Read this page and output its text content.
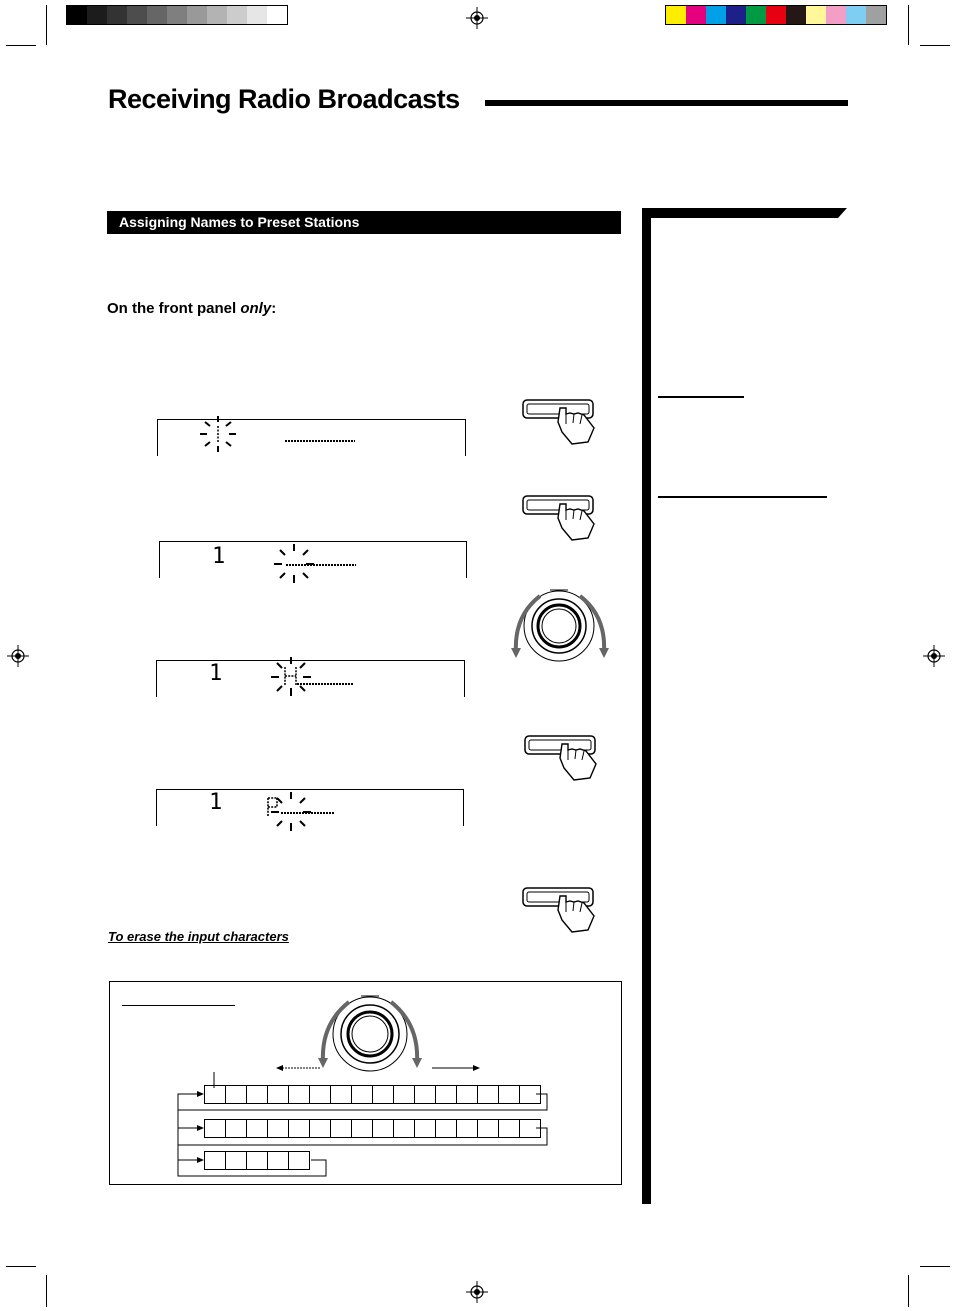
Receiving Radio Broadcasts
Assigning Names to Preset Stations
On the front panel only:
1
1
1
To erase the input characters
